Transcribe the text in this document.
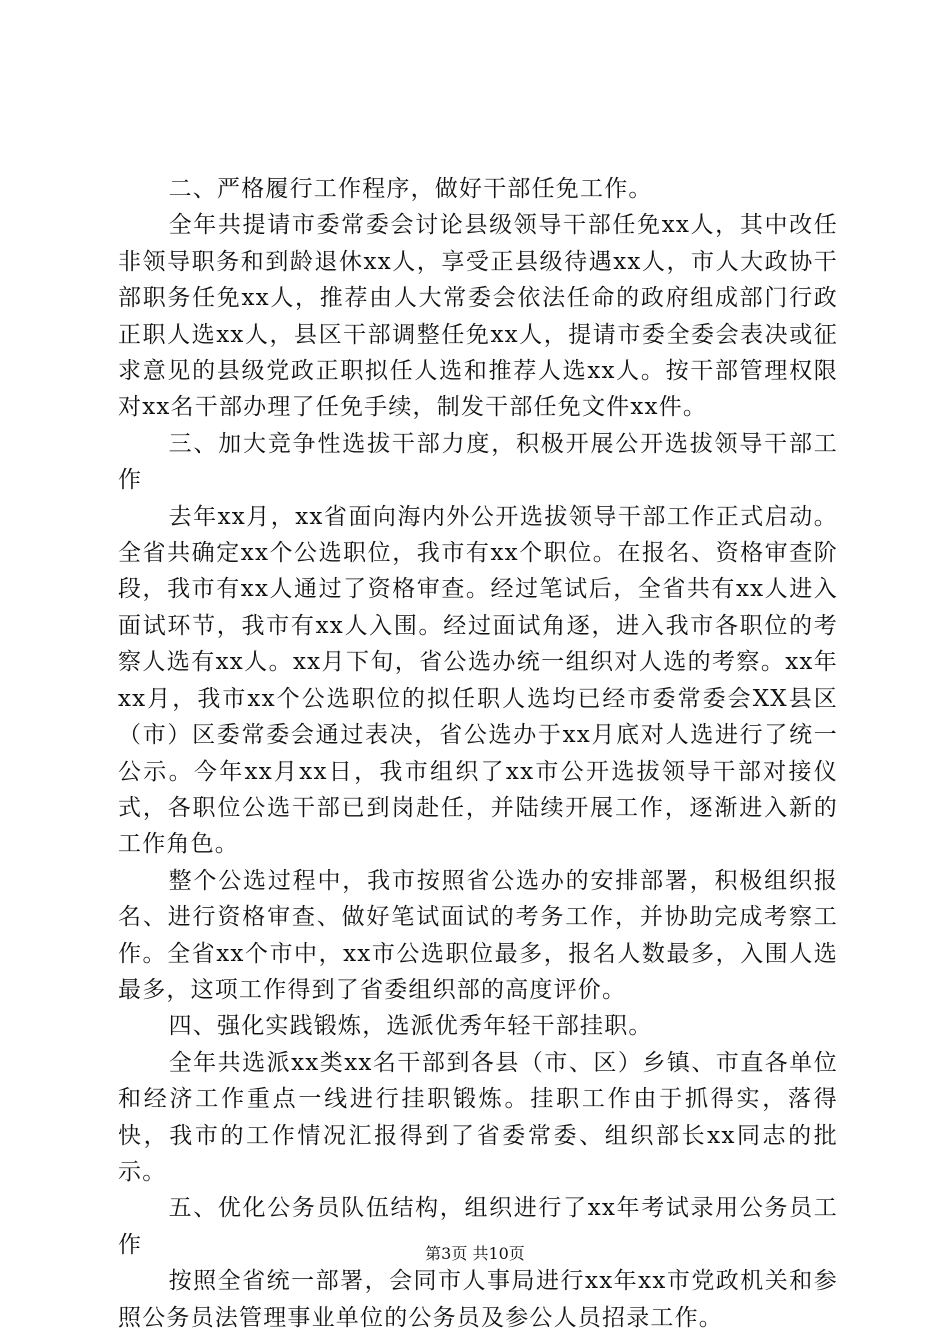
二、严格履行工作程序，做好干部任免工作。

全年共提请市委常委会讨论县级领导干部任免xx人，其中改任非领导职务和到龄退休xx人，享受正县级待遇xx人，市人大政协干部职务任免xx人，推荐由人大常委会依法任命的政府组成部门行政正职人选xx人，县区干部调整任免xx人，提请市委全委会表决或征求意见的县级党政正职拟任人选和推荐人选xx人。按干部管理权限对xx名干部办理了任免手续，制发干部任免文件xx件。

三、加大竞争性选拔干部力度，积极开展公开选拔领导干部工作

去年xx月，xx省面向海内外公开选拔领导干部工作正式启动。全省共确定xx个公选职位，我市有xx个职位。在报名、资格审查阶段，我市有xx人通过了资格审查。经过笔试后，全省共有xx人进入面试环节，我市有xx人入围。经过面试角逐，进入我市各职位的考察人选有xx人。xx月下旬，省公选办统一组织对人选的考察。xx年xx月，我市xx个公选职位的拟任职人选均已经市委常委会XX县区（市）区委常委会通过表决，省公选办于xx月底对人选进行了统一公示。今年xx月xx日，我市组织了xx市公开选拔领导干部对接仪式，各职位公选干部已到岗赴任，并陆续开展工作，逐渐进入新的工作角色。

整个公选过程中，我市按照省公选办的安排部署，积极组织报名、进行资格审查、做好笔试面试的考务工作，并协助完成考察工作。全省xx个市中，xx市公选职位最多，报名人数最多，入围人选最多，这项工作得到了省委组织部的高度评价。

四、强化实践锻炼，选派优秀年轻干部挂职。

全年共选派xx类xx名干部到各县（市、区）乡镇、市直各单位和经济工作重点一线进行挂职锻炼。挂职工作由于抓得实，落得快，我市的工作情况汇报得到了省委常委、组织部长xx同志的批示。

五、优化公务员队伍结构，组织进行了xx年考试录用公务员工作

按照全省统一部署，会同市人事局进行xx年xx市党政机关和参照公务员法管理事业单位的公务员及参公人员招录工作。

第3页 共10页
